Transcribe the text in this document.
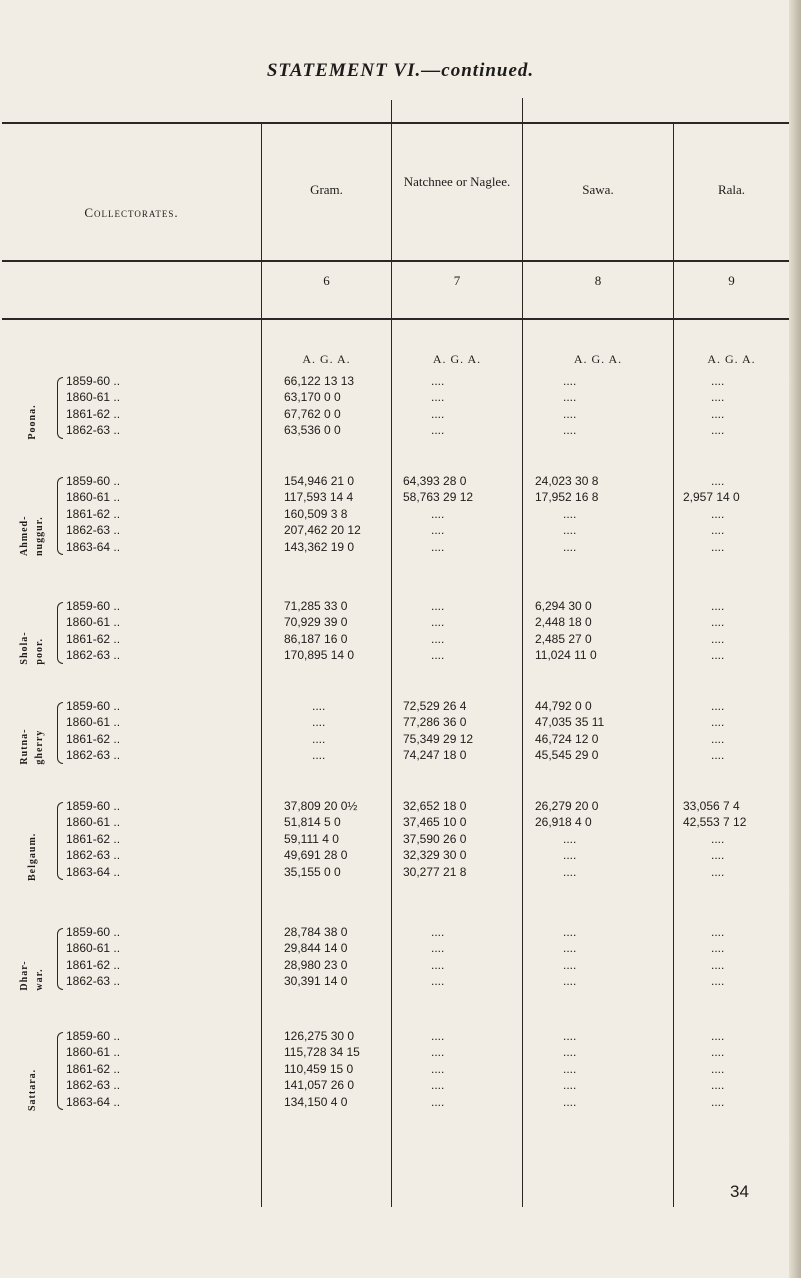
STATEMENT VI.—continued.
Collectorates.
Gram.
6
A. G. A.
Natchnee or Naglee.
7
A. G. A.
Sawa.
8
A. G. A.
Rala.
9
A. G. A.
Poona.
1859-60 ..	66,122 13 13	....	....	....
1860-61 ..	63,170 0 0	....	....	....
1861-62 ..	67,762 0 0	....	....	....
1862-63 ..	63,536 0 0	....	....	....
Ahmed- nuggur.
1859-60 ..	154,946 21 0	64,393 28 0	24,023 30 8	....
1860-61 ..	117,593 14 4	58,763 29 12	17,952 16 8	2,957 14 0
1861-62 ..	160,509 3 8	....	....	....
1862-63 ..	207,462 20 12	....	....	....
1863-64 ..	143,362 19 0	....	....	....
Shola- poor.
1859-60 ..	71,285 33 0	....	6,294 30 0	....
1860-61 ..	70,929 39 0	....	2,448 18 0	....
1861-62 ..	86,187 16 0	....	2,485 27 0	....
1862-63 ..	170,895 14 0	....	11,024 11 0	....
Rutna- gherry
1859-60 ..	....	72,529 26 4	44,792 0 0	....
1860-61 ..	....	77,286 36 0	47,035 35 11	....
1861-62 ..	....	75,349 29 12	46,724 12 0	....
1862-63 ..	....	74,247 18 0	45,545 29 0	....
Belgaum.
1859-60 ..	37,809 20 0½	32,652 18 0	26,279 20 0	33,056 7 4
1860-61 ..	51,814 5 0	37,465 10 0	26,918 4 0	42,553 7 12
1861-62 ..	59,111 4 0	37,590 26 0	....	....
1862-63 ..	49,691 28 0	32,329 30 0	....	....
1863-64 ..	35,155 0 0	30,277 21 8	....	....
Dhar- war.
1859-60 ..	28,784 38 0	....	....	....
1860-61 ..	29,844 14 0	....	....	....
1861-62 ..	28,980 23 0	....	....	....
1862-63 ..	30,391 14 0	....	....	....
Sattara.
1859-60 ..	126,275 30 0	....	....	....
1860-61 ..	115,728 34 15	....	....	....
1861-62 ..	110,459 15 0	....	....	....
1862-63 ..	141,057 26 0	....	....	....
1863-64 ..	134,150 4 0	....	....	....
34
